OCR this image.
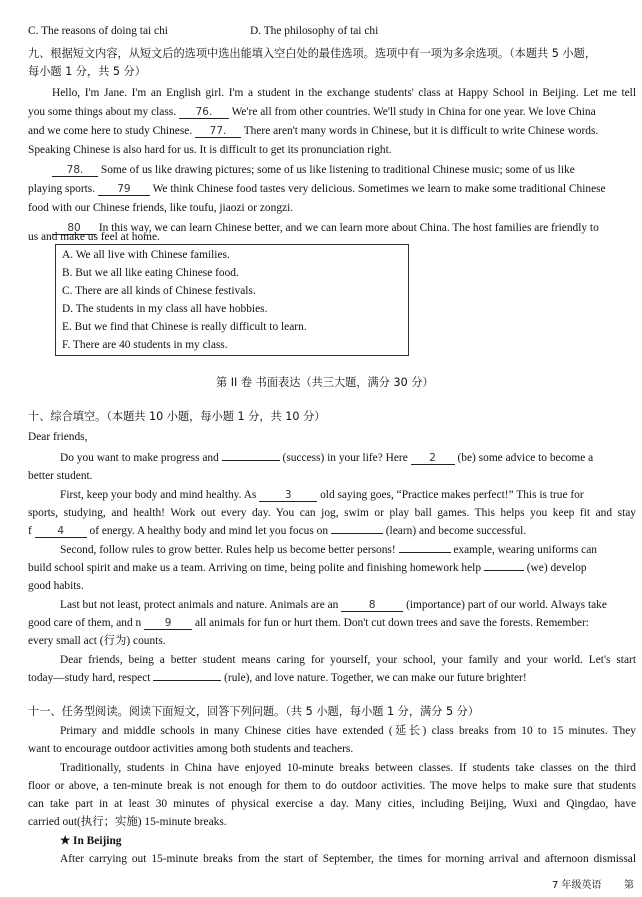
C. The reasons of doing tai chi	D. The philosophy of tai chi
九、根据短文内容，从短文后的选项中选出能填入空白处的最佳选项。选项中有一项为多余选项。（本题共 5 小题，
每小题 1 分，共 5 分）
Hello, I'm Jane. I'm an English girl. I'm a student in the exchange students' class at Happy School in Beijing. Let me tell
you some things about my class. 76. We're all from other countries. We'll study in China for one year. We love China
and we come here to study Chinese. 77. There aren't many words in Chinese, but it is difficult to write Chinese words.
Speaking Chinese is also hard for us. It is difficult to get its pronunciation right.
78. Some of us like drawing pictures; some of us like listening to traditional Chinese music; some of us like
playing sports. 79 We think Chinese food tastes very delicious. Sometimes we learn to make some traditional Chinese
food with our Chinese friends, like toufu, jiaozi or zongzi.
80 In this way, we can learn Chinese better, and we can learn more about China. The host families are friendly to
us and make us feel at home.
A. We all live with Chinese families.
B. But we all like eating Chinese food.
C. There are all kinds of Chinese festivals.
D. The students in my class all have hobbies.
E. But we find that Chinese is really difficult to learn.
F. There are 40 students in my class.
第 II 卷 书面表达（共三大题，满分 30 分）
十、综合填空。（本题共 10 小题，每小题 1 分，共 10 分）
Dear friends,
Do you want to make progress and	(success) in your life? Here 2 (be) some advice to become a
better student.
First, keep your body and mind healthy. As	3	old saying goes, “Practice makes perfect!” This is true for
sports, studying, and health! Work out every day. You can jog, swim or play ball games. This helps you keep fit and stay
f 4 of energy. A healthy body and mind let you focus on	(learn) and become successful.
Second, follow rules to grow better. Rules help us become better persons!	example, wearing uniforms can
build school spirit and make us a team. Arriving on time, being polite and finishing homework help	(we) develop
good habits.
Last but not least, protect animals and nature. Animals are an	8	(importance) part of our world. Always take
good care of them, and n 9 all animals for fun or hurt them. Don't cut down trees and save the forests. Remember:
every small act (行为) counts.
Dear friends, being a better student means caring for yourself, your school, your family and your world. Let's start
today—study hard, respect	(rule), and love nature. Together, we can make our future brighter!
十一、任务型阅读。阅读下面短文，回答下列问题。（共 5 小题，每小题 1 分，满分 5 分）
Primary and middle schools in many Chinese cities have extended (延长) class breaks from 10 to 15 minutes. They
want to encourage outdoor activities among both students and teachers.
Traditionally, students in China have enjoyed 10-minute breaks between classes. If students take classes on the third
floor or above, a ten-minute break is not enough for them to do outdoor activities. The move helps to make sure that students
can take part in at least 30 minutes of physical exercise a day. Many cities, including Beijing, Wuxi and Qingdao, have
carried out(执行；实施) 15-minute breaks.
★ In Beijing
After carrying out 15-minute breaks from the start of September, the times for morning arrival and afternoon dismissal
7 年级英语 第
